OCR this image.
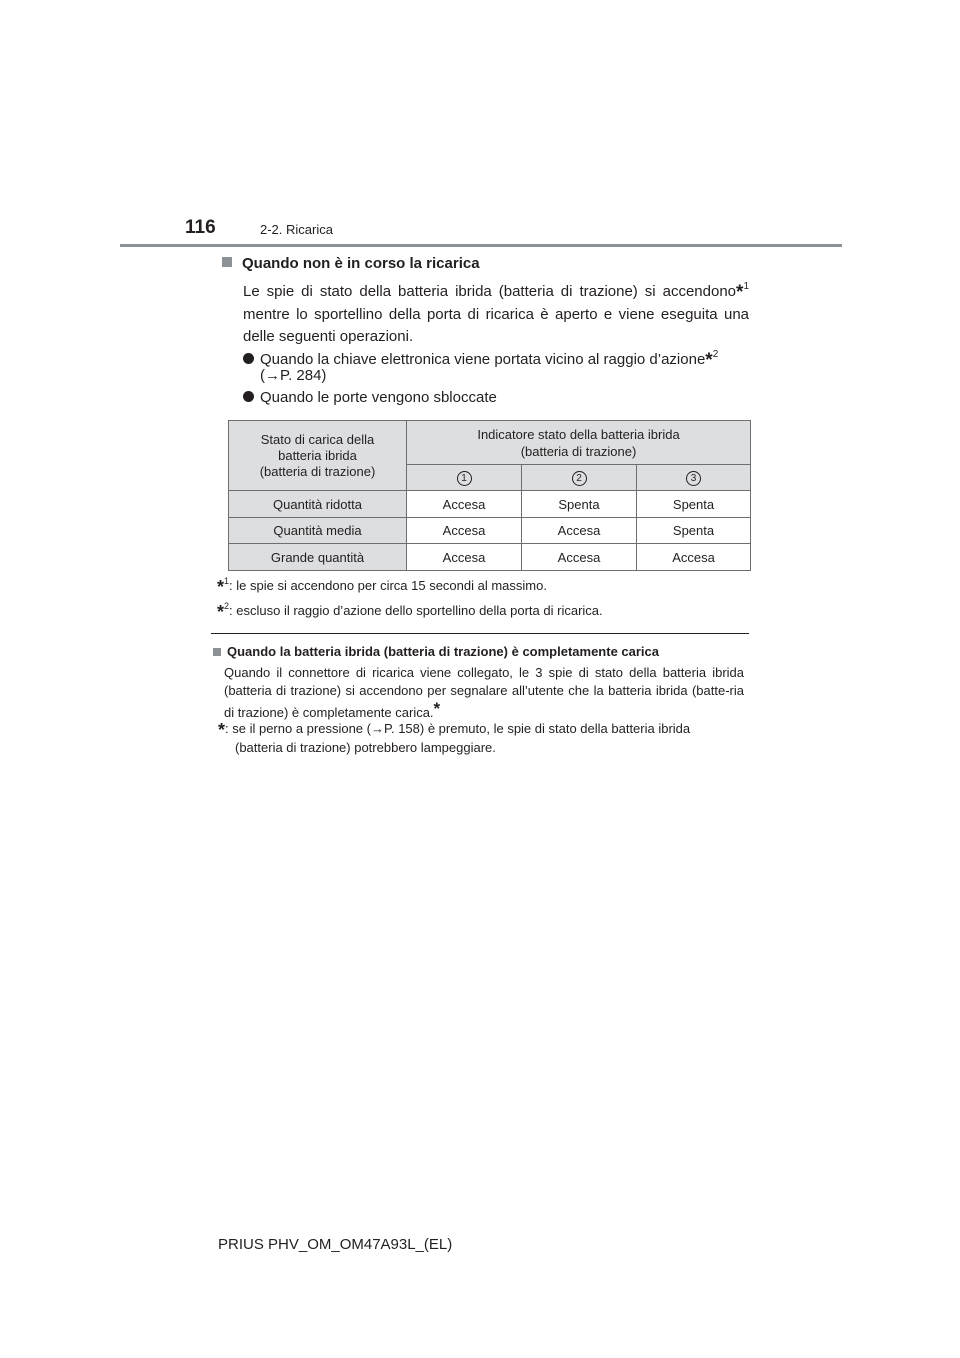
116	2-2. Ricarica
Quando non è in corso la ricarica
Le spie di stato della batteria ibrida (batteria di trazione) si accendono*$^1$ mentre lo sportellino della porta di ricarica è aperto e viene eseguita una delle seguenti operazioni.
Quando la chiave elettronica viene portata vicino al raggio d’azione*$^2$
(→P. 284)
Quando le porte vengono sbloccate
Stato di carica della
batteria ibrida
(batteria di trazione)	Indicatore stato della batteria ibrida
(batteria di trazione)		
	1	2	3
Quantità ridotta	Accesa	Spenta	Spenta
Quantità media	Accesa	Accesa	Spenta
Grande quantità	Accesa	Accesa	Accesa
*$^1$: le spie si accendono per circa 15 secondi al massimo.
*$^2$: escluso il raggio d’azione dello sportellino della porta di ricarica.
Quando la batteria ibrida (batteria di trazione) è completamente carica
Quando il connettore di ricarica viene collegato, le 3 spie di stato della batteria ibrida (batteria di trazione) si accendono per segnalare all’utente che la batteria ibrida (batte-ria di trazione) è completamente carica.*
*: se il perno a pressione (→P. 158) è premuto, le spie di stato della batteria ibrida
(batteria di trazione) potrebbero lampeggiare.
PRIUS PHV_OM_OM47A93L_(EL)
